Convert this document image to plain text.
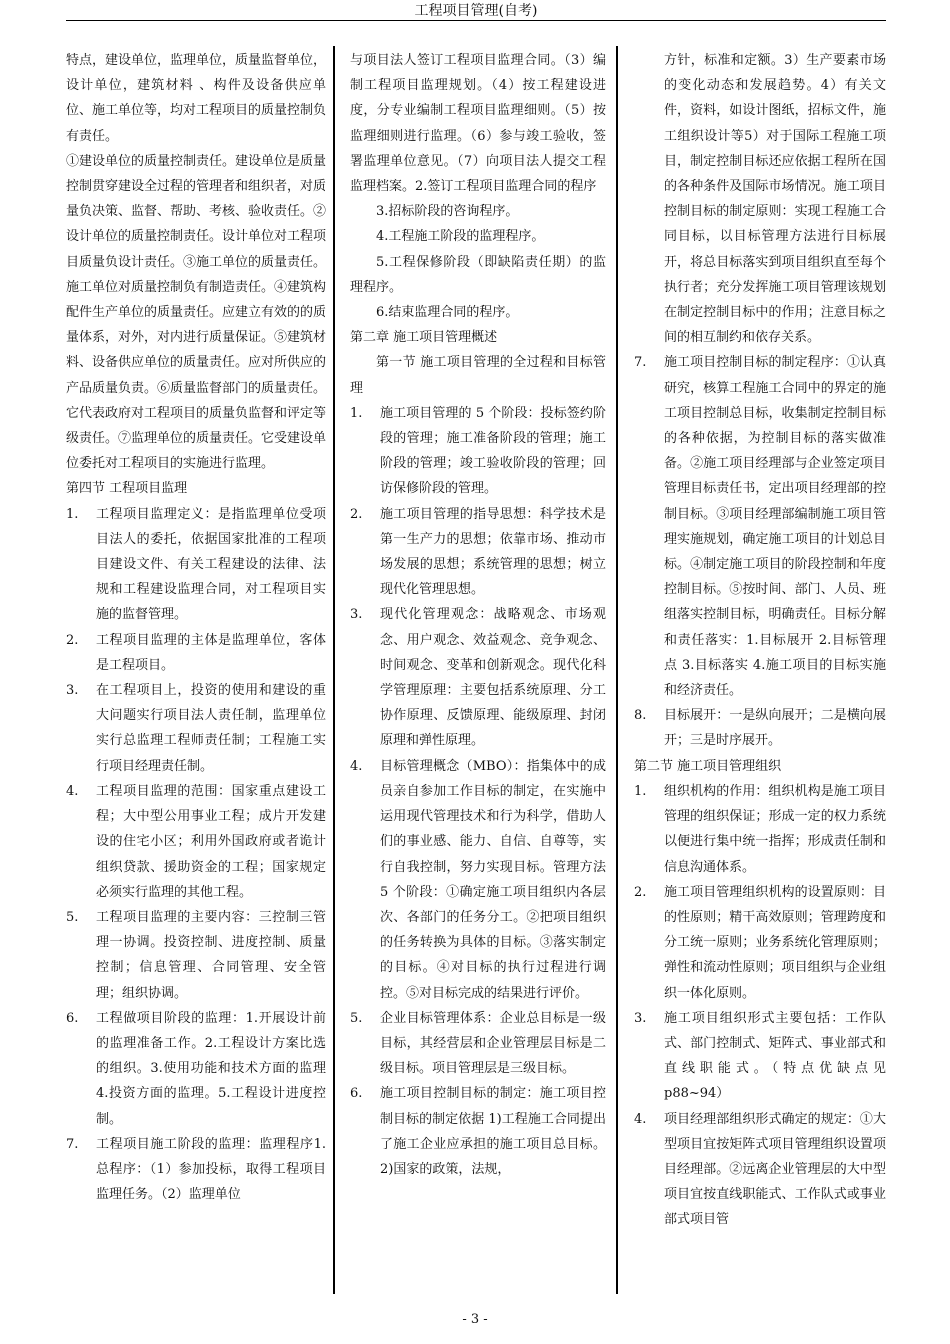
工程项目管理(自考)

特点，建设单位，监理单位，质量监督单位，设计单位，建筑材料 、构件及设备供应单位、施工单位等，均对工程项目的质量控制负有责任。

①建设单位的质量控制责任。建设单位是质量控制贯穿建设全过程的管理者和组织者，对质量负决策、监督、帮助、考核、验收责任。②设计单位的质量控制责任。设计单位对工程项目质量负设计责任。③施工单位的质量责任。施工单位对质量控制负有制造责任。④建筑构配件生产单位的质量责任。应建立有效的的质量体系，对外，对内进行质量保证。⑤建筑材料、设备供应单位的质量责任。应对所供应的产品质量负责。⑥质量监督部门的质量责任。它代表政府对工程项目的质量负监督和评定等级责任。⑦监理单位的质量责任。它受建设单位委托对工程项目的实施进行监理。

第四节 工程项目监理

1. 工程项目监理定义：是指监理单位受项目法人的委托，依据国家批准的工程项目建设文件、有关工程建设的法律、法规和工程建设监理合同，对工程项目实施的监督管理。
2. 工程项目监理的主体是监理单位，客体是工程项目。
3. 在工程项目上，投资的使用和建设的重大问题实行项目法人责任制，监理单位实行总监理工程师责任制；工程施工实行项目经理责任制。
4. 工程项目监理的范围：国家重点建设工程；大中型公用事业工程；成片开发建设的住宅小区；利用外国政府或者诡计组织贷款、援助资金的工程；国家规定必须实行监理的其他工程。
5. 工程项目监理的主要内容：三控制三管理一协调。投资控制、进度控制、质量控制；信息管理、合同管理、安全管理；组织协调。
6. 工程做项目阶段的监理：1.开展设计前的监理准备工作。2.工程设计方案比选的组织。3.使用功能和技术方面的监理4.投资方面的监理。5.工程设计进度控制。
7. 工程项目施工阶段的监理：监理程序1.总程序：（1）参加投标，取得工程项目监理任务。（2）监理单位

与项目法人签订工程项目监理合同。（3）编制工程项目监理规划。（4）按工程建设进度，分专业编制工程项目监理细则。（5）按监理细则进行监理。（6）参与竣工验收，签署监理单位意见。（7）向项目法人提交工程监理档案。2.签订工程项目监理合同的程序

3.招标阶段的咨询程序。

4.工程施工阶段的监理程序。

5.工程保修阶段（即缺陷责任期）的监理程序。

6.结束监理合同的程序。

第二章 施工项目管理概述

第一节 施工项目管理的全过程和目标管理

1. 施工项目管理的 5 个阶段：投标签约阶段的管理；施工准备阶段的管理；施工阶段的管理；竣工验收阶段的管理；回访保修阶段的管理。
2. 施工项目管理的指导思想：科学技术是第一生产力的思想；依靠市场、推动市场发展的思想；系统管理的思想；树立现代化管理思想。
3. 现代化管理观念：战略观念、市场观念、用户观念、效益观念、竞争观念、时间观念、变革和创新观念。现代化科学管理原理：主要包括系统原理、分工协作原理、反馈原理、能级原理、封闭原理和弹性原理。
4. 目标管理概念（MBO）：指集体中的成员亲自参加工作目标的制定，在实施中运用现代管理技术和行为科学，借助人们的事业感、能力、自信、自尊等，实行自我控制，努力实现目标。管理方法 5 个阶段：①确定施工项目组织内各层次、各部门的任务分工。②把项目组织的任务转换为具体的目标。③落实制定的目标。④对目标的执行过程进行调控。⑤对目标完成的结果进行评价。
5. 企业目标管理体系：企业总目标是一级目标，其经营层和企业管理层目标是二级目标。项目管理层是三级目标。
6. 施工项目控制目标的制定：施工项目控制目标的制定依据 1)工程施工合同提出了施工企业应承担的施工项目总目标。2)国家的政策，法规，
方针，标准和定额。3）生产要素市场的变化动态和发展趋势。4）有关文件，资料，如设计图纸，招标文件，施工组织设计等5）对于国际工程施工项目，制定控制目标还应依据工程所在国的各种条件及国际市场情况。施工项目控制目标的制定原则：实现工程施工合同目标，以目标管理方法进行目标展开，将总目标落实到项目组织直至每个执行者；充分发挥施工项目管理该规划在制定控制目标中的作用；注意目标之间的相互制约和依存关系。
7. 施工项目控制目标的制定程序：①认真研究，核算工程施工合同中的界定的施工项目控制总目标，收集制定控制目标的各种依据，为控制目标的落实做准备。②施工项目经理部与企业签定项目管理目标责任书，定出项目经理部的控制目标。③项目经理部编制施工项目管理实施规划，确定施工项目的计划总目标。④制定施工项目的阶段控制和年度控制目标。⑤按时间、部门、人员、班组落实控制目标，明确责任。目标分解和责任落实：1.目标展开 2.目标管理点 3.目标落实 4.施工项目的目标实施和经济责任。
8. 目标展开：一是纵向展开；二是横向展开；三是时序展开。

第二节 施工项目管理组织

1. 组织机构的作用：组织机构是施工项目管理的组织保证；形成一定的权力系统以便进行集中统一指挥；形成责任制和信息沟通体系。
2. 施工项目管理组织机构的设置原则：目的性原则；精干高效原则；管理跨度和分工统一原则；业务系统化管理原则；弹性和流动性原则；项目组织与企业组织一体化原则。
3. 施工项目组织形式主要包括：工作队式、部门控制式、矩阵式、事业部式和直线职能式。（特点优缺点见 p88~94）
4. 项目经理部组织形式确定的规定：①大型项目宜按矩阵式项目管理组织设置项目经理部。②远离企业管理层的大中型项目宜按直线职能式、工作队式或事业部式项目管
- 3 -
